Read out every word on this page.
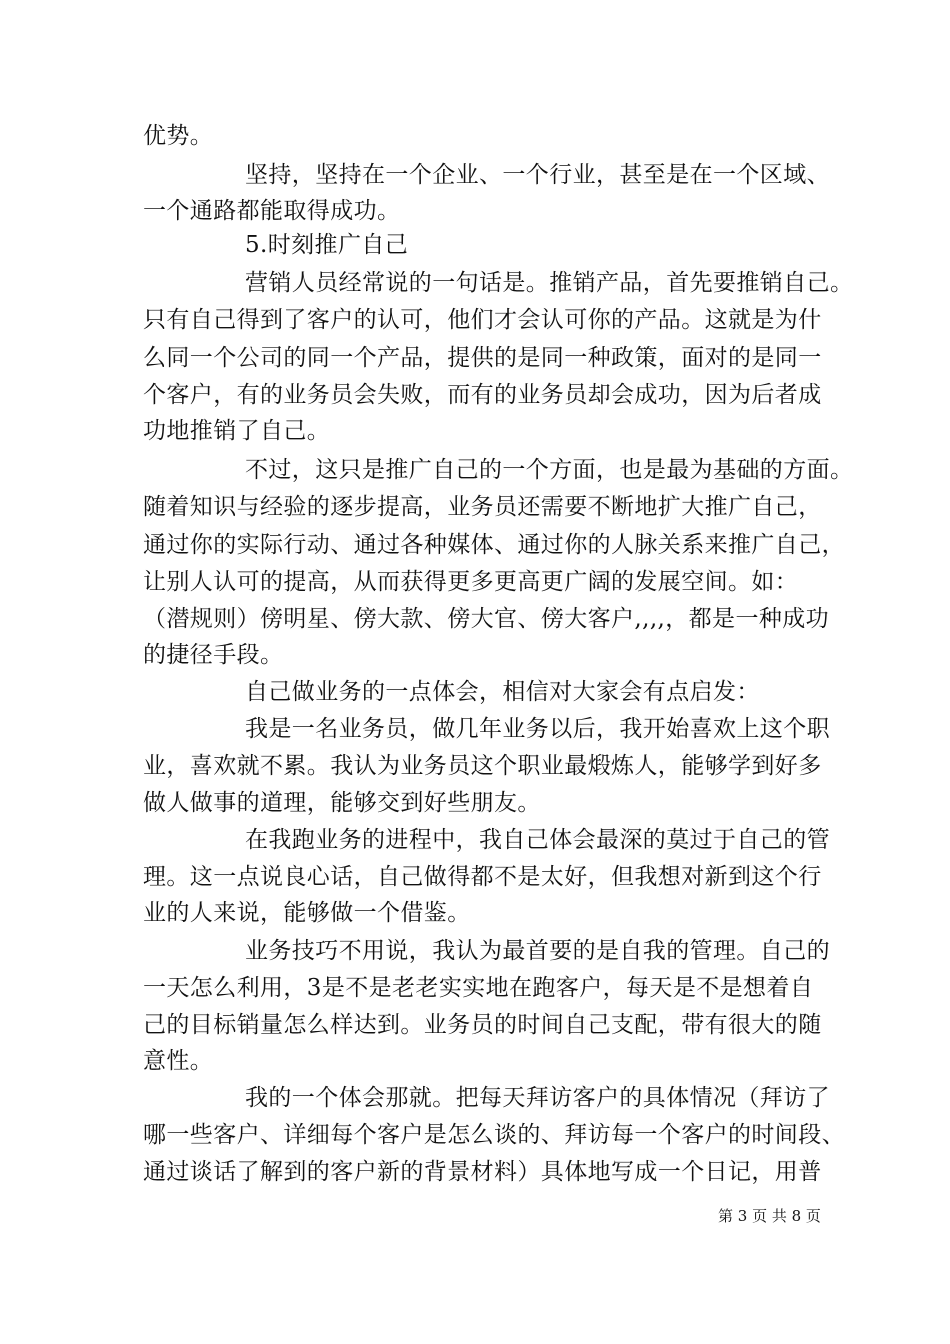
优势。
坚持，坚持在一个企业、一个行业，甚至是在一个区域、
一个通路都能取得成功。
5.时刻推广自己
营销人员经常说的一句话是。推销产品，首先要推销自己。
只有自己得到了客户的认可，他们才会认可你的产品。这就是为什
么同一个公司的同一个产品，提供的是同一种政策，面对的是同一
个客户，有的业务员会失败，而有的业务员却会成功，因为后者成
功地推销了自己。
不过，这只是推广自己的一个方面，也是最为基础的方面。
随着知识与经验的逐步提高，业务员还需要不断地扩大推广自己，
通过你的实际行动、通过各种媒体、通过你的人脉关系来推广自己，
让别人认可的提高，从而获得更多更高更广阔的发展空间。如：
（潜规则）傍明星、傍大款、傍大官、傍大客户,,,,，都是一种成功
的捷径手段。
自己做业务的一点体会，相信对大家会有点启发：
我是一名业务员，做几年业务以后，我开始喜欢上这个职
业，喜欢就不累。我认为业务员这个职业最煅炼人，能够学到好多
做人做事的道理，能够交到好些朋友。
在我跑业务的进程中，我自己体会最深的莫过于自己的管
理。这一点说良心话，自己做得都不是太好，但我想对新到这个行
业的人来说，能够做一个借鉴。
业务技巧不用说，我认为最首要的是自我的管理。自己的
一天怎么利用，3是不是老老实实地在跑客户，每天是不是想着自
己的目标销量怎么样达到。业务员的时间自己支配，带有很大的随
意性。
我的一个体会那就。把每天拜访客户的具体情况（拜访了
哪一些客户、详细每个客户是怎么谈的、拜访每一个客户的时间段、
通过谈话了解到的客户新的背景材料）具体地写成一个日记，用普
第 3 页 共 8 页
